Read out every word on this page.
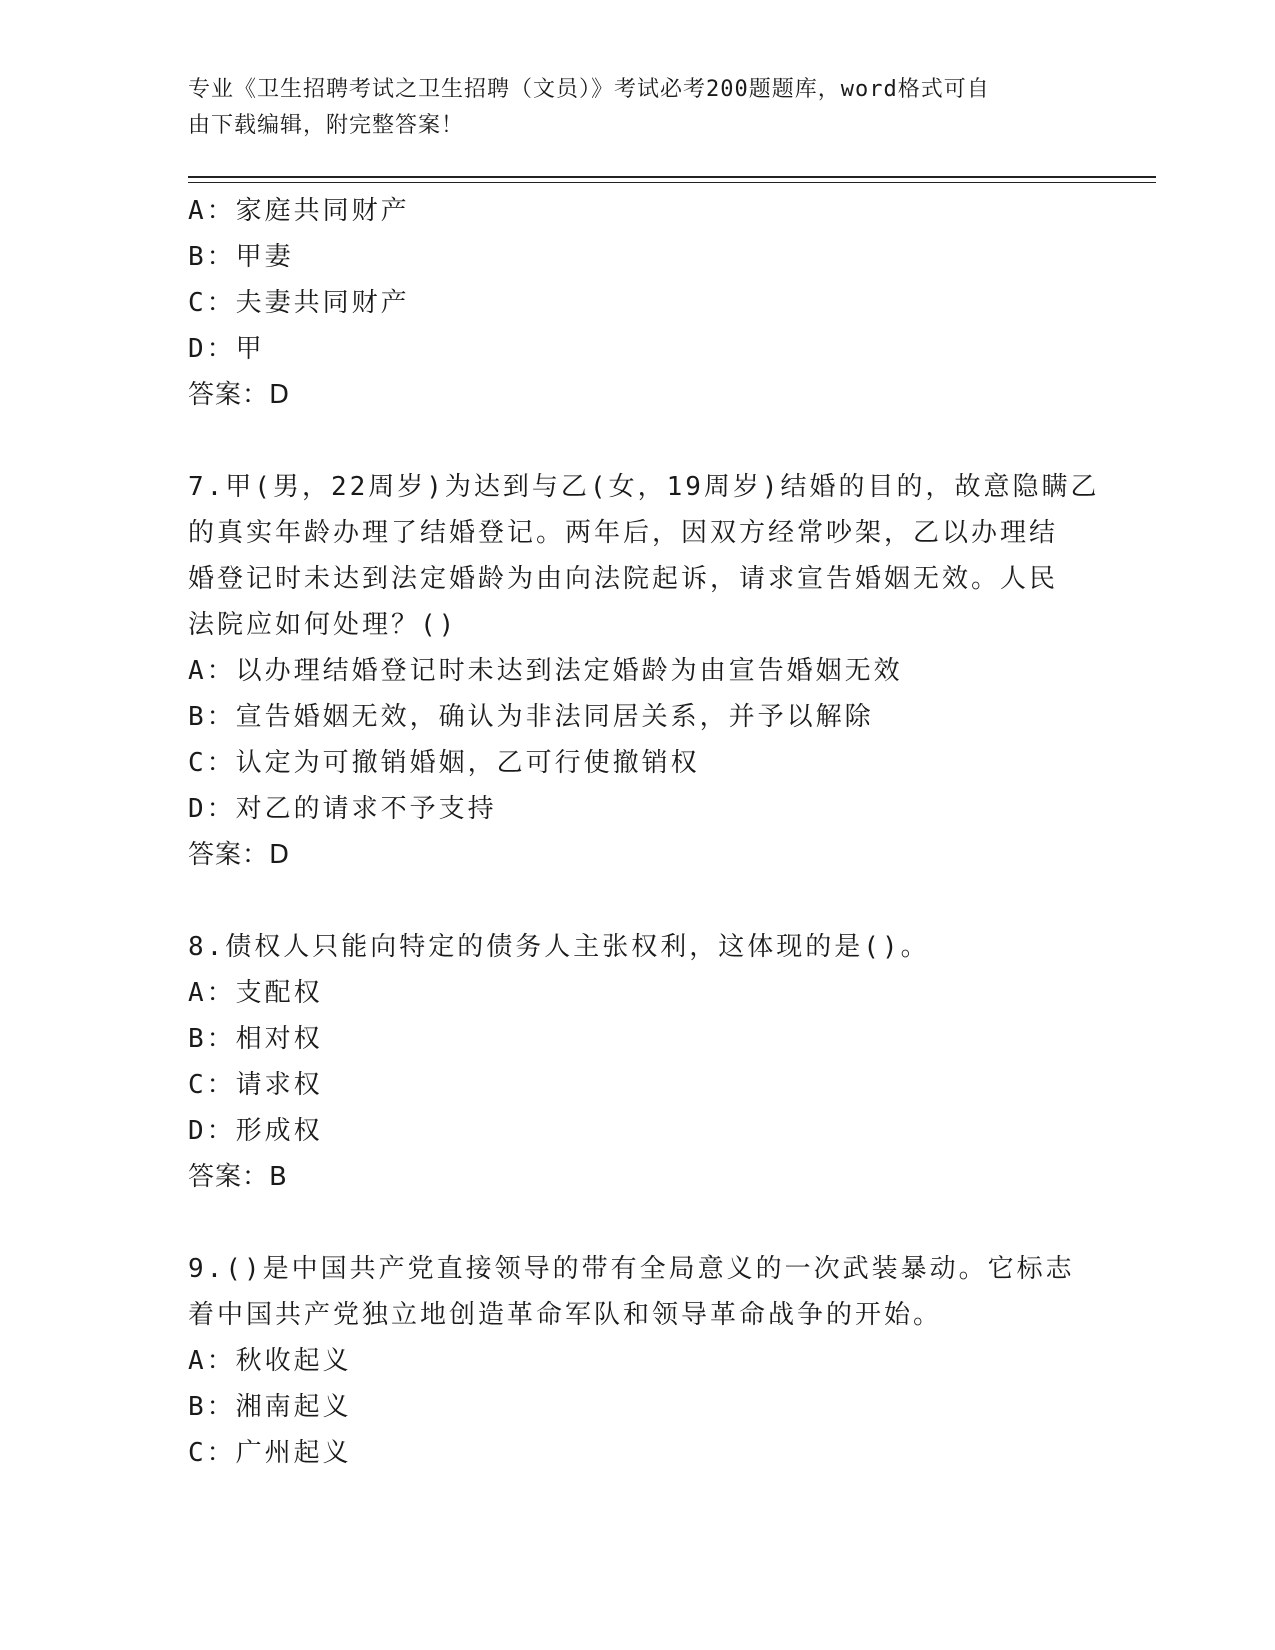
专业《卫生招聘考试之卫生招聘（文员）》考试必考200题题库，word格式可自
由下载编辑，附完整答案！
A：家庭共同财产
B：甲妻
C：夫妻共同财产
D：甲
答案：D
7.甲(男，22周岁)为达到与乙(女，19周岁)结婚的目的，故意隐瞒乙
的真实年龄办理了结婚登记。两年后，因双方经常吵架，乙以办理结
婚登记时未达到法定婚龄为由向法院起诉，请求宣告婚姻无效。人民
法院应如何处理？()
A：以办理结婚登记时未达到法定婚龄为由宣告婚姻无效
B：宣告婚姻无效，确认为非法同居关系，并予以解除
C：认定为可撤销婚姻，乙可行使撤销权
D：对乙的请求不予支持
答案：D
8.债权人只能向特定的债务人主张权利，这体现的是()。
A：支配权
B：相对权
C：请求权
D：形成权
答案：B
9.()是中国共产党直接领导的带有全局意义的一次武装暴动。它标志
着中国共产党独立地创造革命军队和领导革命战争的开始。
A：秋收起义
B：湘南起义
C：广州起义
